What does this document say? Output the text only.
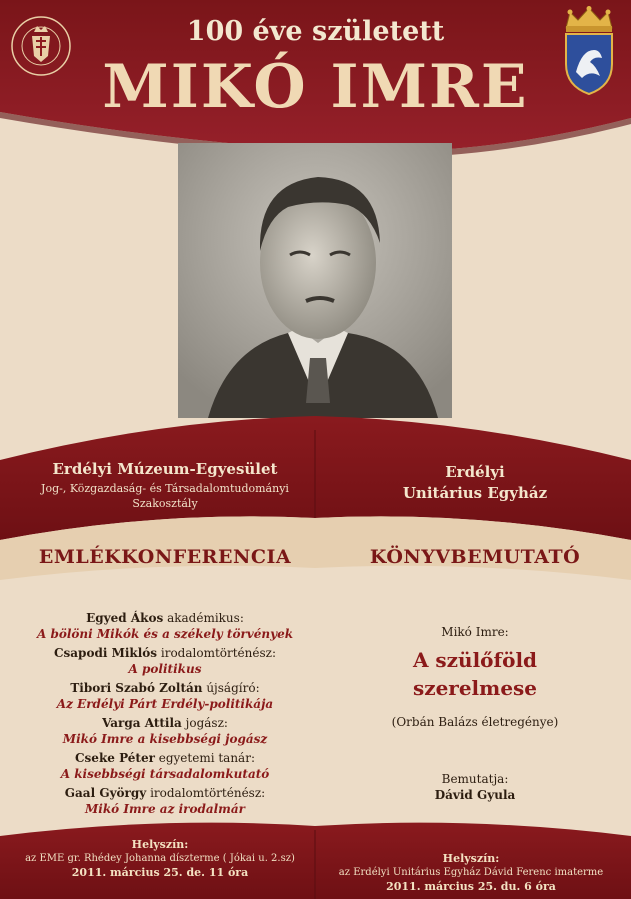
100 éve született
MIKÓ IMRE
Erdélyi Múzeum-Egyesület
Jog-, Közgazdaság- és Társadalomtudományi
Szakosztály
Erdélyi
Unitárius Egyház
EMLÉKKONFERENCIA	KÖNYVBEMUTATÓ
Egyed Ákos akadémikus:
A bölöni Mikók és a székely törvények
Csapodi Miklós irodalomtörténész:
A politikus
Tibori Szabó Zoltán újságíró:
Az Erdélyi Párt Erdély-politikája
Varga Attila jogász:
Mikó Imre a kisebbségi jogász
Cseke Péter egyetemi tanár:
A kisebbségi társadalomkutató
Gaal György irodalomtörténész:
Mikó Imre az irodalmár
Mikó Imre:
A szülőföld
szerelmese
(Orbán Balázs életregénye)
Bemutatja:
Dávid Gyula
Helyszín:
az EME gr. Rhédey Johanna díszterme ( Jókai u. 2.sz)
2011. március 25. de. 11 óra
Helyszín:
az Erdélyi Unitárius Egyház Dávid Ferenc imaterme
2011. március 25. du. 6 óra
